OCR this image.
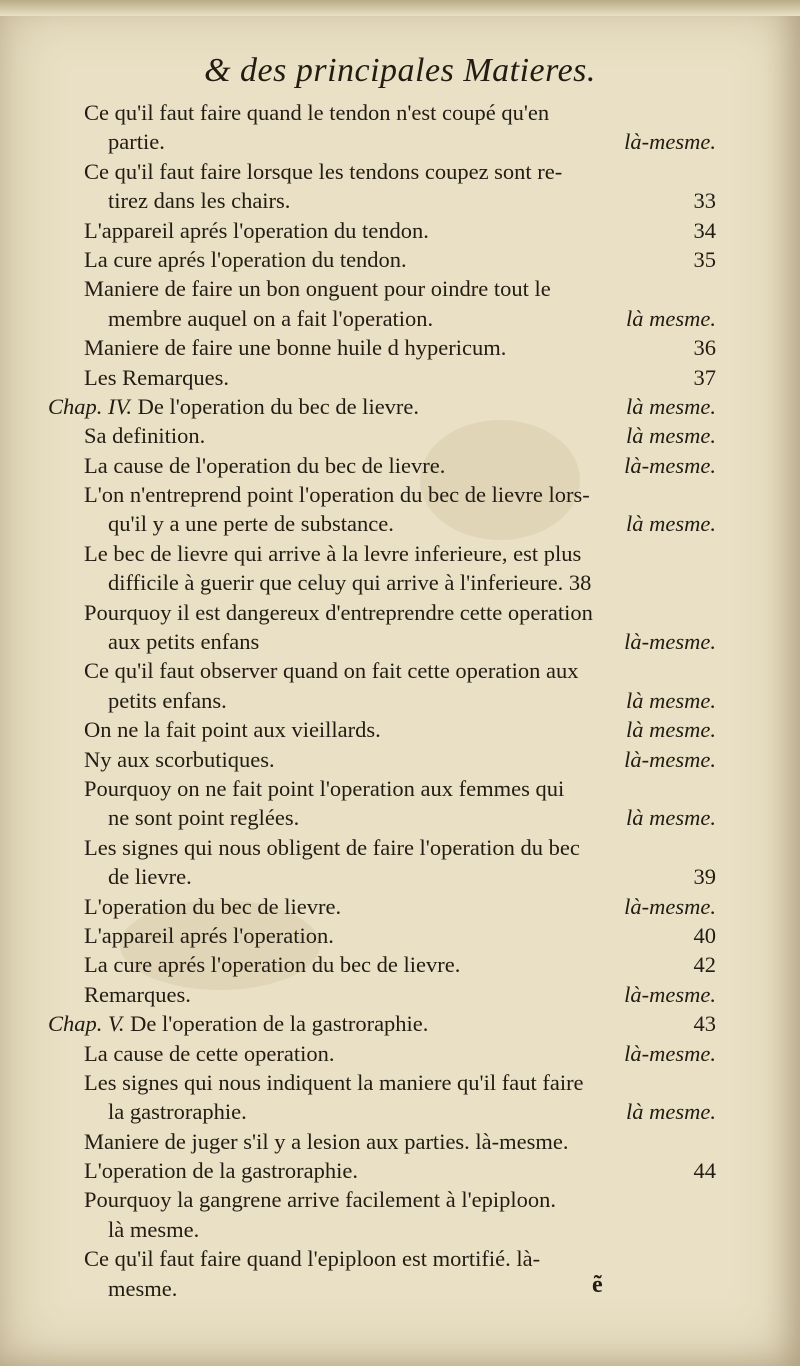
& des principales Matieres.
Ce qu'il faut faire quand le tendon n'est coupé qu'en
partie.	là-mesme.
Ce qu'il faut faire lorsque les tendons coupez sont re-
tirez dans les chairs.	33
L'appareil aprés l'operation du tendon.	34
La cure aprés l'operation du tendon.	35
Maniere de faire un bon onguent pour oindre tout le
membre auquel on a fait l'operation.	là mesme.
Maniere de faire une bonne huile d hypericum.	36
Les Remarques.	37
Chap. IV. De l'operation du bec de lievre.	là mesme.
Sa definition.	là mesme.
La cause de l'operation du bec de lievre.	là-mesme.
L'on n'entreprend point l'operation du bec de lievre lors-
qu'il y a une perte de substance.	là mesme.
Le bec de lievre qui arrive à la levre inferieure, est plus
difficile à guerir que celuy qui arrive à l'inferieure. 38
Pourquoy il est dangereux d'entreprendre cette operation
aux petits enfans	là-mesme.
Ce qu'il faut observer quand on fait cette operation aux
petits enfans.	là mesme.
On ne la fait point aux vieillards.	là mesme.
Ny aux scorbutiques.	là-mesme.
Pourquoy on ne fait point l'operation aux femmes qui
ne sont point reglées.	là mesme.
Les signes qui nous obligent de faire l'operation du bec
de lievre.	39
L'operation du bec de lievre.	là-mesme.
L'appareil aprés l'operation.	40
La cure aprés l'operation du bec de lievre.	42
Remarques.	là-mesme.
Chap. V. De l'operation de la gastroraphie.	43
La cause de cette operation.	là-mesme.
Les signes qui nous indiquent la maniere qu'il faut faire
la gastroraphie.	là mesme.
Maniere de juger s'il y a lesion aux parties. là-mesme.
L'operation de la gastroraphie.	44
Pourquoy la gangrene arrive facilement à l'epiploon.
là mesme.
Ce qu'il faut faire quand l'epiploon est mortifié. là-
mesme.	ẽ
